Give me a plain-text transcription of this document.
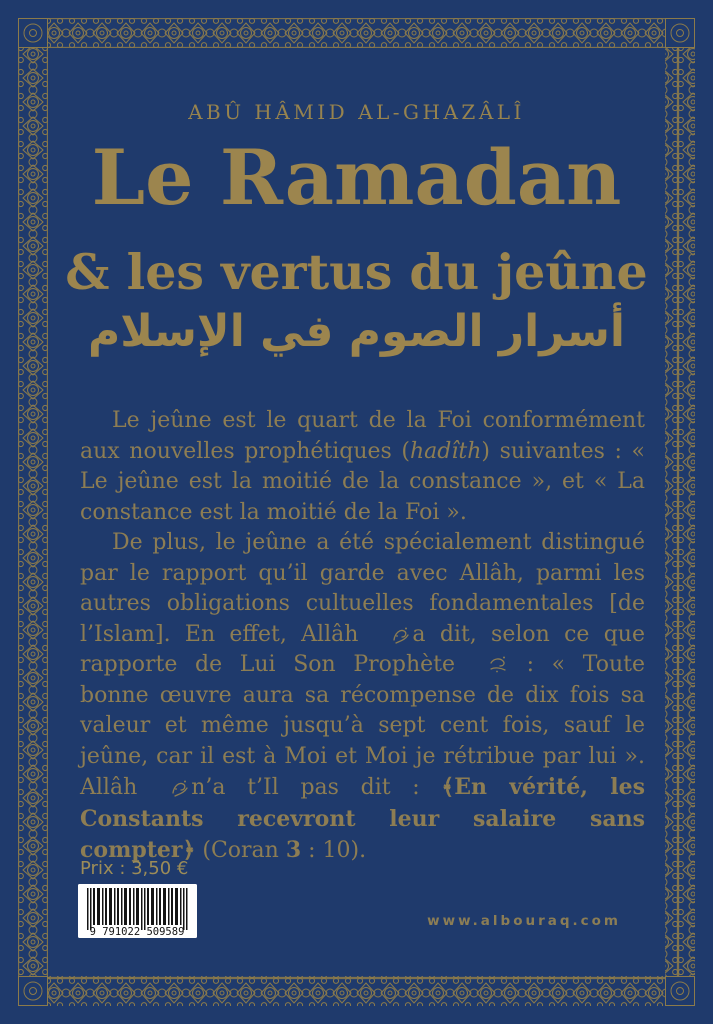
ABÛ HÂMID AL-GHAZÂLÎ
Le Ramadan
& les vertus du jeûne
أسرار الصوم في الإسلام

Le jeûne est le quart de la Foi conformément aux nouvelles prophétiques (hadîth) suivantes : « Le jeûne est la moitié de la constance », et « La constance est la moitié de la Foi ».

De plus, le jeûne a été spécialement distingué par le rapport qu’il garde avec Allâh, parmi les autres obligations cultuelles fondamentales [de l’Islam]. En effet, Allâh a dit, selon ce que rapporte de Lui Son Prophète : « Toute bonne œuvre aura sa récompense de dix fois sa valeur et même jusqu’à sept cent fois, sauf le jeûne, car il est à Moi et Moi je rétribue par lui ». Allâh n’a t’Il pas dit : ﴾En vérité, les Constants recevront leur salaire sans compter﴿ (Coran 3 : 10).

Prix : 3,50 €
9 791022 509589
www.albouraq.com
